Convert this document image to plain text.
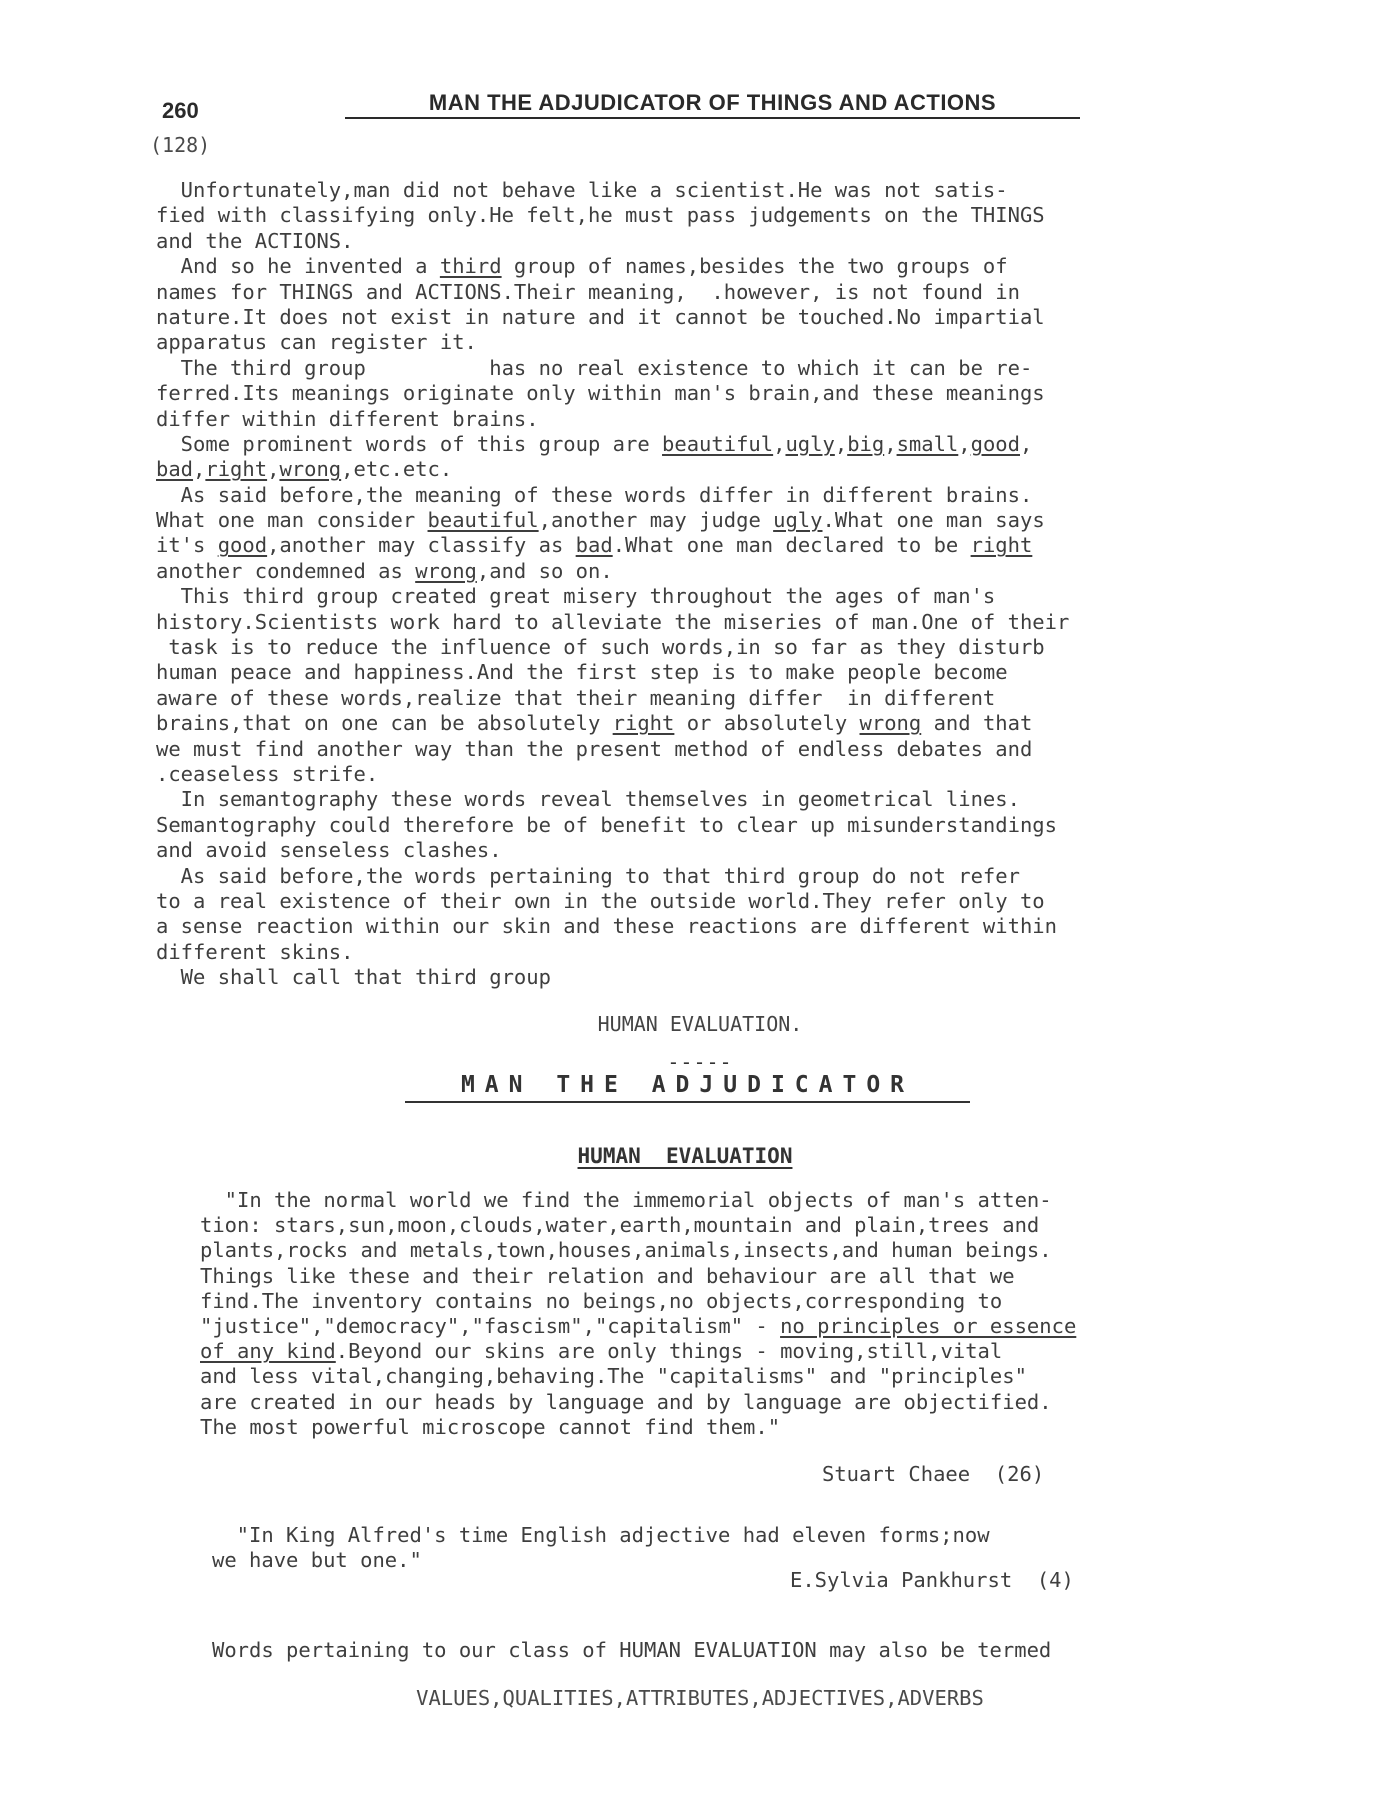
260	MAN THE ADJUDICATOR OF THINGS AND ACTIONS
(128)
Unfortunately,man did not behave like a scientist.He was not satis-
fied with classifying only.He felt,he must pass judgements on the THINGS
and the ACTIONS.
And so he invented a third group of names,besides the two groups of
names for THINGS and ACTIONS.Their meaning,  .however, is not found in
nature.It does not exist in nature and it cannot be touched.No impartial
apparatus can register it.
The third group          has no real existence to which it can be re-
ferred.Its meanings originate only within man's brain,and these meanings
differ within different brains.
Some prominent words of this group are beautiful,ugly,big,small,good,
bad,right,wrong,etc.etc.
As said before,the meaning of these words differ in different brains.
What one man consider beautiful,another may judge ugly.What one man says
it's good,another may classify as bad.What one man declared to be right
another condemned as wrong,and so on.
This third group created great misery throughout the ages of man's
history.Scientists work hard to alleviate the miseries of man.One of their
task is to reduce the influence of such words,in so far as they disturb
human peace and happiness.And the first step is to make people become
aware of these words,realize that their meaning differ  in different
brains,that on one can be absolutely right or absolutely wrong and that
we must find another way than the present method of endless debates and
.ceaseless strife.
In semantography these words reveal themselves in geometrical lines.
Semantography could therefore be of benefit to clear up misunderstandings
and avoid senseless clashes.
As said before,the words pertaining to that third group do not refer
to a real existence of their own in the outside world.They refer only to
a sense reaction within our skin and these reactions are different within
different skins.
We shall call that third group
HUMAN EVALUATION.
-----
MAN THE ADJUDICATOR
HUMAN  EVALUATION
"In the normal world we find the immemorial objects of man's atten-
tion: stars,sun,moon,clouds,water,earth,mountain and plain,trees and
plants,rocks and metals,town,houses,animals,insects,and human beings.
Things like these and their relation and behaviour are all that we
find.The inventory contains no beings,no objects,corresponding to
"justice","democracy","fascism","capitalism" - no principles or essence
of any kind.Beyond our skins are only things - moving,still,vital
and less vital,changing,behaving.The "capitalisms" and "principles"
are created in our heads by language and by language are objectified.
The most powerful microscope cannot find them."
Stuart Chaee  (26)
"In King Alfred's time English adjective had eleven forms;now
we have but one."
E.Sylvia Pankhurst  (4)
Words pertaining to our class of HUMAN EVALUATION may also be termed
VALUES,QUALITIES,ATTRIBUTES,ADJECTIVES,ADVERBS
